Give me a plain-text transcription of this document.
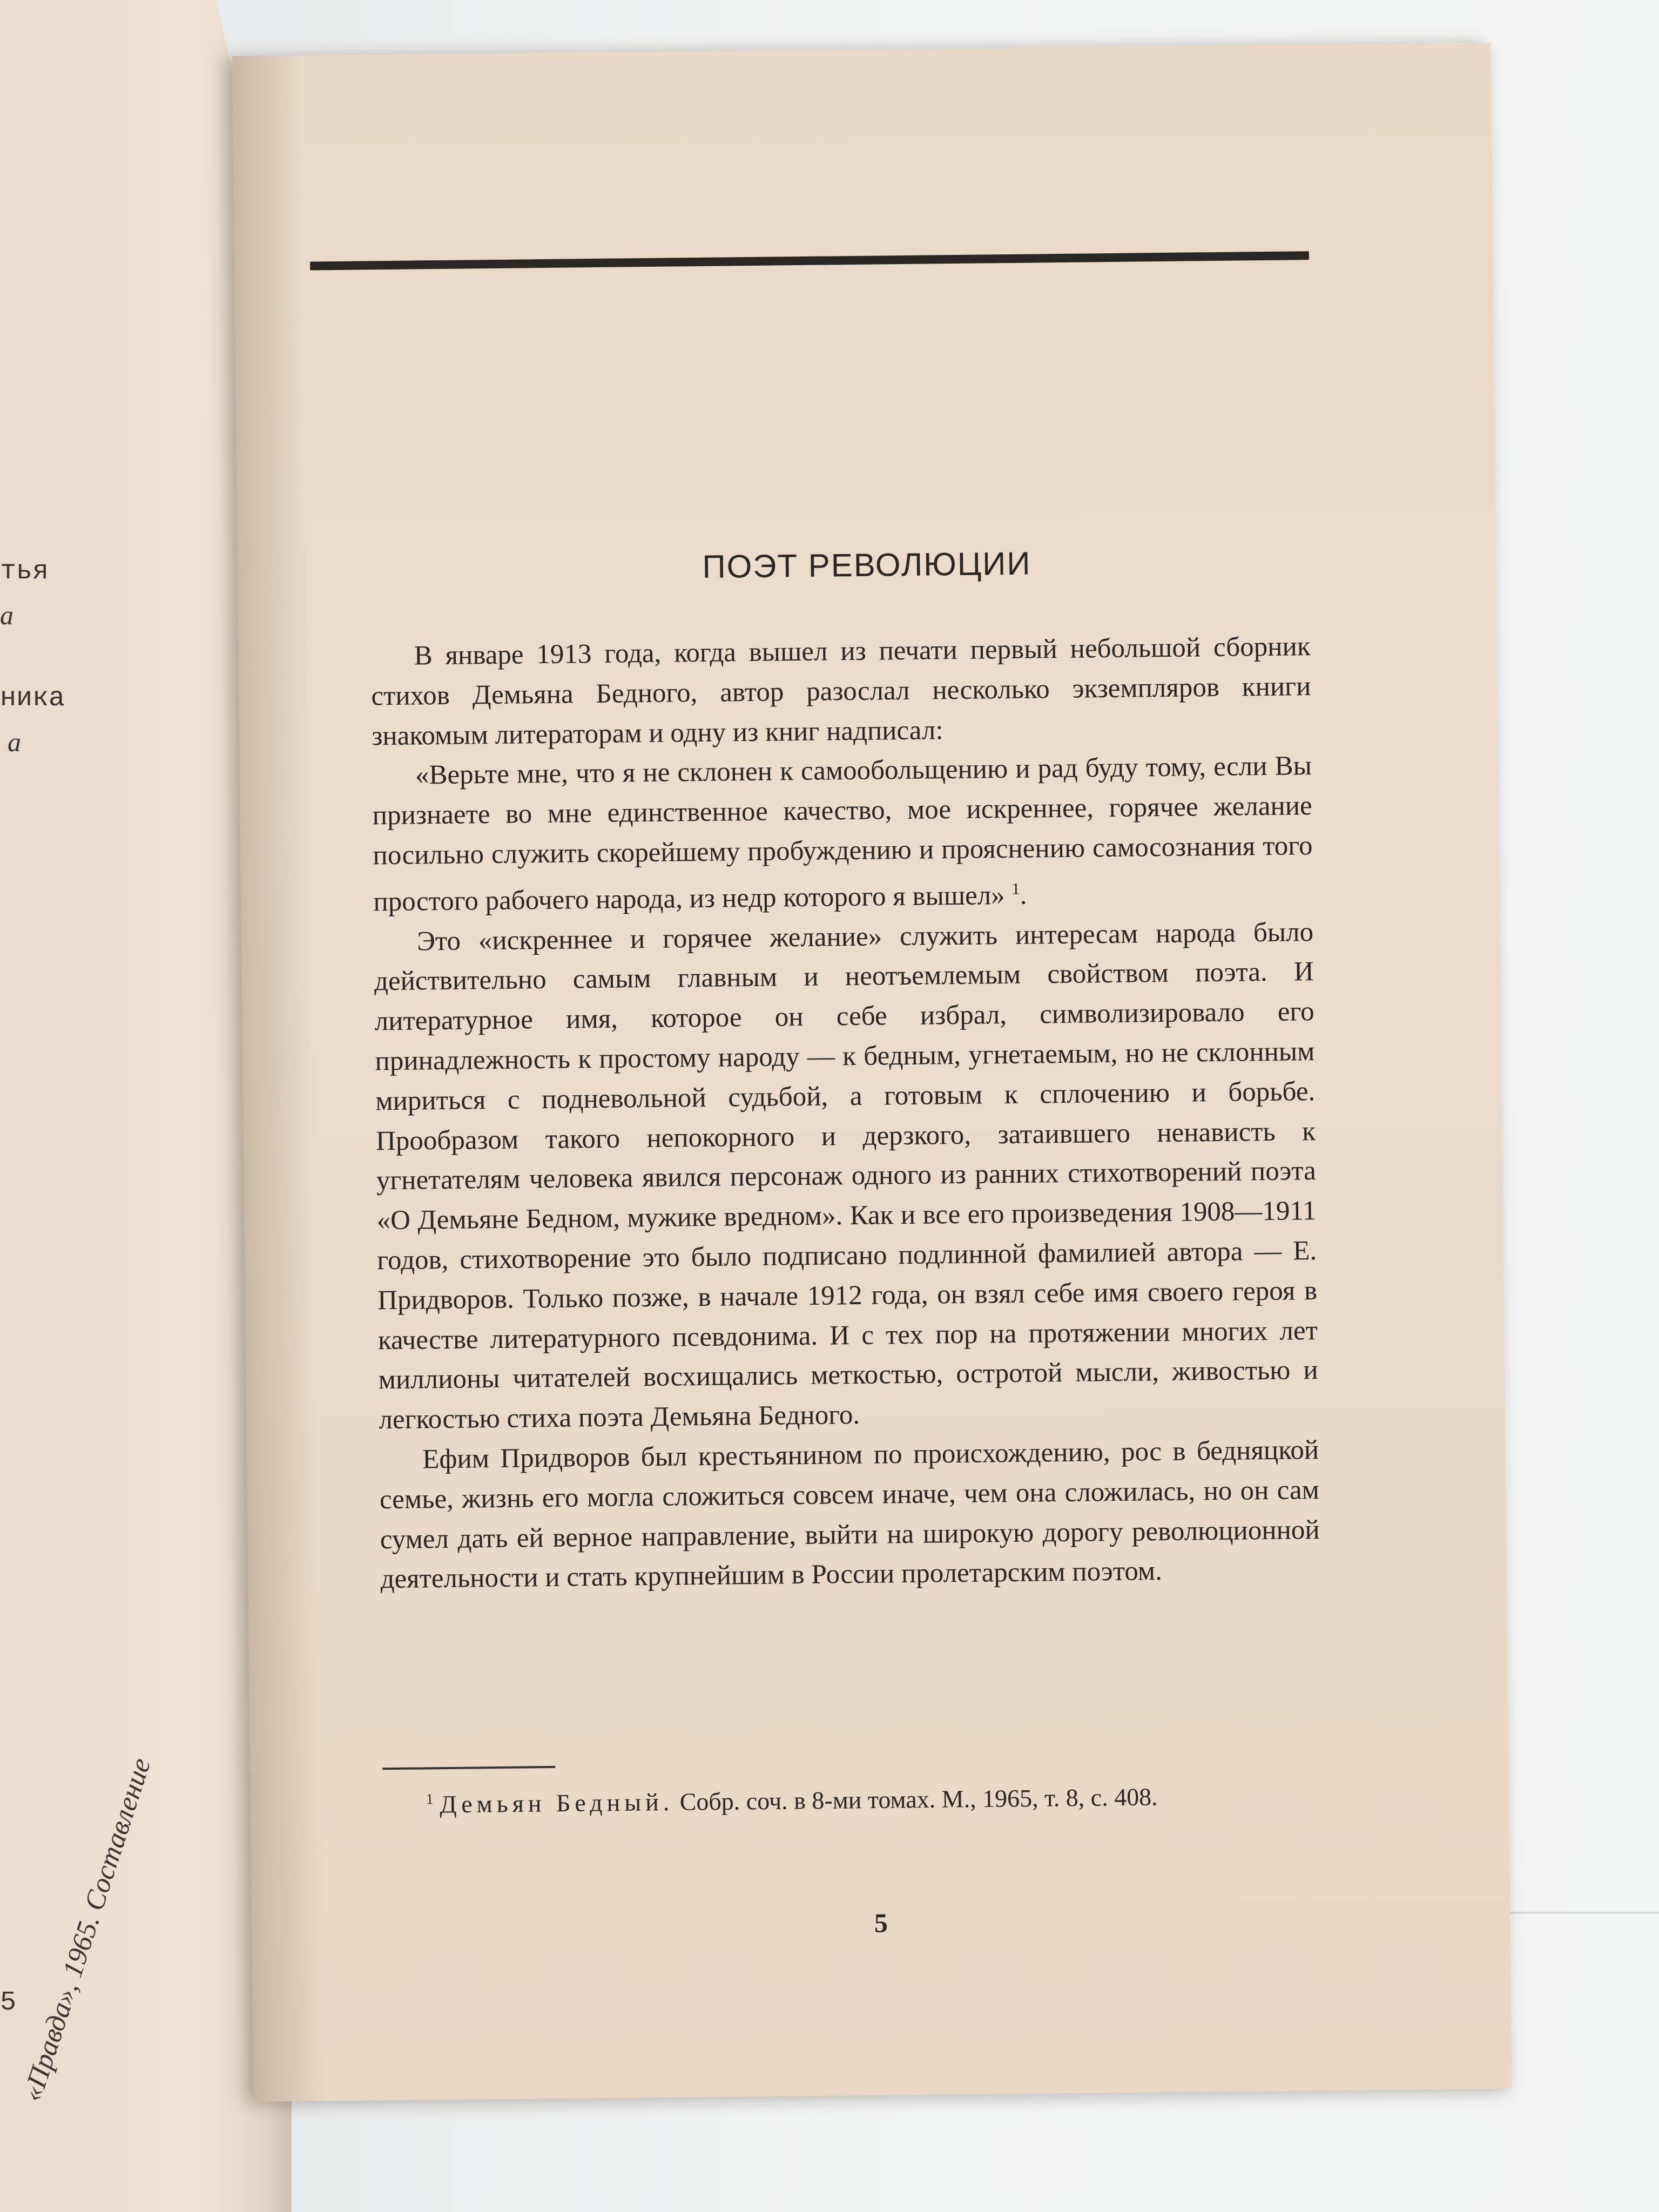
тья
а
ника
а
5 «Правда», 1965. Составление
ПОЭТ РЕВОЛЮЦИИ

В январе 1913 года, когда вышел из печати первый небольшой сборник стихов Демьяна Бедного, автор разослал несколько экземпляров книги знакомым литераторам и одну из книг надписал:

«Верьте мне, что я не склонен к самообольщению и рад буду тому, если Вы признаете во мне единственное качество, мое искреннее, горячее желание посильно служить скорейшему пробуждению и прояснению самосознания того простого рабочего народа, из недр которого я вышел» $^1$.

Это «искреннее и горячее желание» служить интересам народа было действительно самым главным и неотъемлемым свойством поэта. И литературное имя, которое он себе избрал, символизировало его принадлежность к простому народу — к бедным, угнетаемым, но не склонным мириться с подневольной судьбой, а готовым к сплочению и борьбе. Прообразом такого непокорного и дерзкого, затаившего ненависть к угнетателям человека явился персонаж одного из ранних стихотворений поэта «О Демьяне Бедном, мужике вредном». Как и все его произведения 1908—1911 годов, стихотворение это было подписано подлинной фамилией автора — Е. Придворов. Только позже, в начале 1912 года, он взял себе имя своего героя в качестве литературного псевдонима. И с тех пор на протяжении многих лет миллионы читателей восхищались меткостью, остротой мысли, живостью и легкостью стиха поэта Демьяна Бедного.

Ефим Придворов был крестьянином по происхождению, рос в бедняцкой семье, жизнь его могла сложиться совсем иначе, чем она сложилась, но он сам сумел дать ей верное направление, выйти на широкую дорогу революционной деятельности и стать крупнейшим в России пролетарским поэтом.

$^1$ Демьян Бедный. Собр. соч. в 8-ми томах. М., 1965, т. 8, с. 408.
5
